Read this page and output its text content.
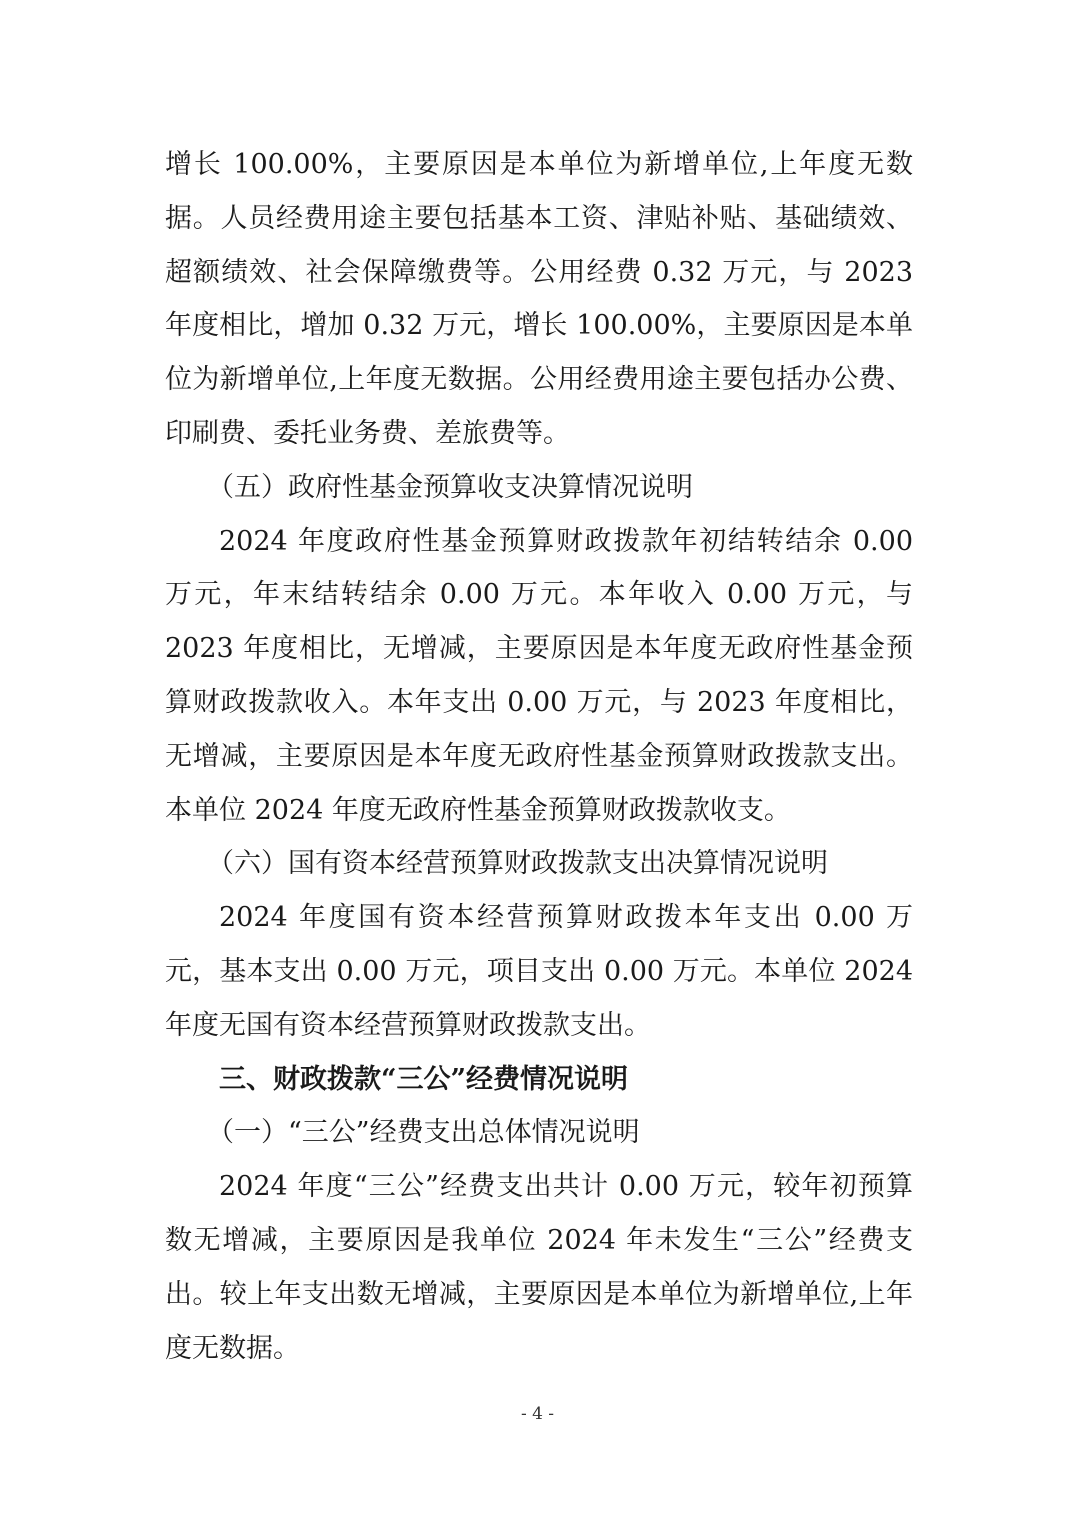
增长 100.00%，主要原因是本单位为新增单位,上年度无数据。人员经费用途主要包括基本工资、津贴补贴、基础绩效、超额绩效、社会保障缴费等。公用经费 0.32 万元，与 2023 年度相比，增加 0.32 万元，增长 100.00%，主要原因是本单位为新增单位,上年度无数据。公用经费用途主要包括办公费、印刷费、委托业务费、差旅费等。

（五）政府性基金预算收支决算情况说明

2024 年度政府性基金预算财政拨款年初结转结余 0.00 万元，年末结转结余 0.00 万元。本年收入 0.00 万元，与 2023 年度相比，无增减，主要原因是本年度无政府性基金预算财政拨款收入。本年支出 0.00 万元，与 2023 年度相比，无增减，主要原因是本年度无政府性基金预算财政拨款支出。本单位 2024 年度无政府性基金预算财政拨款收支。

（六）国有资本经营预算财政拨款支出决算情况说明

2024 年度国有资本经营预算财政拨本年支出 0.00 万元，基本支出 0.00 万元，项目支出 0.00 万元。本单位 2024 年度无国有资本经营预算财政拨款支出。

三、财政拨款“三公”经费情况说明

（一）“三公”经费支出总体情况说明

2024 年度“三公”经费支出共计 0.00 万元，较年初预算数无增减，主要原因是我单位 2024 年未发生“三公”经费支出。较上年支出数无增减，主要原因是本单位为新增单位,上年度无数据。

- 4 -
